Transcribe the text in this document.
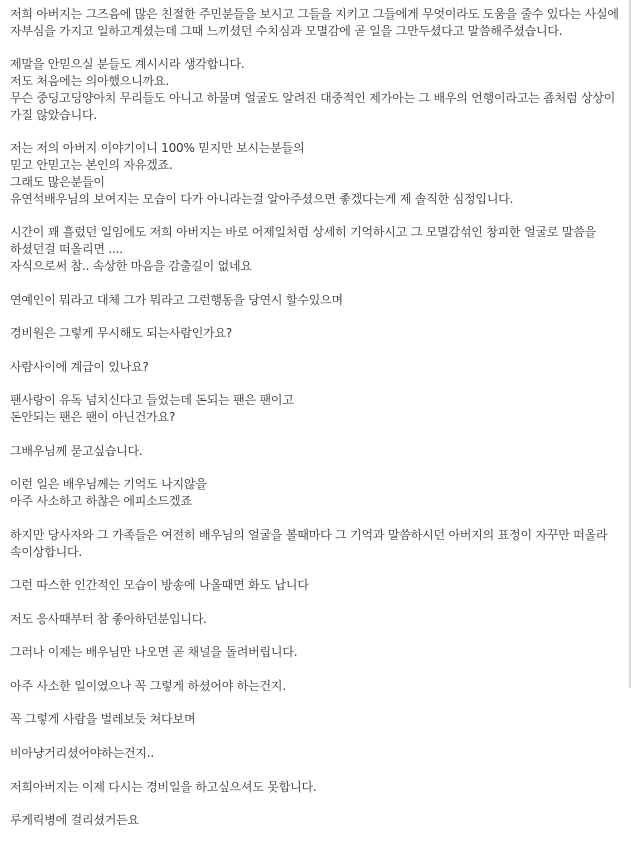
저희 아버지는 그즈음에 많은 친절한 주민분들을 보시고 그들을 지키고 그들에게 무엇이라도 도움을 줄수 있다는 사실에 자부심을 가지고 일하고계셨는데 그때 느끼셨던 수치심과 모멸감에 곧 일을 그만두셨다고 말씀해주셨습니다.

제말을 안믿으실 분들도 계시시라 생각합니다.
저도 처음에는 의아했으니까요.
무슨 중딩고딩양아치 무리들도 아니고 하물며 얼굴도 알려진 대중적인 제가아는 그 배우의 언행이라고는 죰처럼 상상이 가질 않았습니다.

저는 저의 아버지 이야기이니 100% 믿지만 보시는분들의
믿고 안믿고는 본인의 자유겠죠.
그래도 많은분들이
유연석배우님의 보여지는 모습이 다가 아니라는걸 알아주셨으면 좋겠다는게 제 솔직한 심정입니다.

시간이 꽤 흘렀던 일임에도 저희 아버지는 바로 어제일처럼 상세히 기억하시고 그 모멸감섞인 창피한 얼굴로 말씀을 하셨던걸 떠올리면 ....
자식으로써 참.. 속상한 마음을 감출길이 없네요

연예인이 뭐라고 대체 그가 뭐라고 그런행동을 당연시 할수있으며

경비원은 그렇게 무시해도 되는사람인가요?

사람사이에 계급이 있나요?

팬사랑이 유독 넘치신다고 들었는데 돈되는 팬은 팬이고
돈안되는 팬은 팬이 아닌건가요?

그배우님께 묻고싶습니다.

이런 일은 배우님께는 기억도 나지않을
아주 사소하고 하찮은 에피소드겠죠

하지만 당사자와 그 가족들은 여전히 배우님의 얼굴을 볼때마다 그 기억과 말씀하시던 아버지의 표정이 자꾸만 떠올라 속이상합니다.

그런 따스한 인간적인 모습이 방송에 나올때면 화도 납니다

저도 응사때부터 참 좋아하던분입니다.

그러나 이제는 배우님만 나오면 곧 채널을 돌려버립니다.

아주 사소한 일이였으나 꼭 그렇게 하셨어야 하는건지.

꼭 그렇게 사람을 벌레보듯 쳐다보며

비아냥거리셨어야하는건지..

저희아버지는 이제 다시는 경비일을 하고싶으셔도 못합니다.

루게릭병에 걸리셨거든요
